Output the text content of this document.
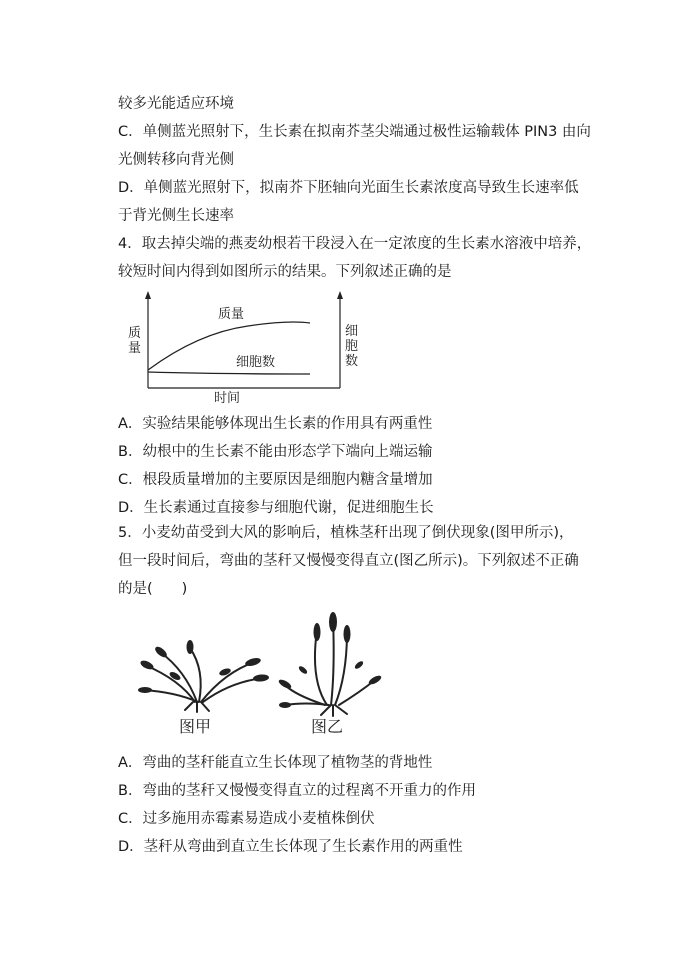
较多光能适应环境
C．单侧蓝光照射下，生长素在拟南芥茎尖端通过极性运输载体 PIN3 由向
光侧转移向背光侧
D．单侧蓝光照射下，拟南芥下胚轴向光面生长素浓度高导致生长速率低
于背光侧生长速率
4．取去掉尖端的燕麦幼根若干段浸入在一定浓度的生长素水溶液中培养，
较短时间内得到如图所示的结果。下列叙述正确的是
质量
细胞数
时间
质量
细胞数
A．实验结果能够体现出生长素的作用具有两重性
B．幼根中的生长素不能由形态学下端向上端运输
C．根段质量增加的主要原因是细胞内糖含量增加
D．生长素通过直接参与细胞代谢，促进细胞生长
5．小麦幼苗受到大风的影响后，植株茎秆出现了倒伏现象(图甲所示)，
但一段时间后，弯曲的茎秆又慢慢变得直立(图乙所示)。下列叙述不正确
的是(　　)
图甲	图乙
A．弯曲的茎秆能直立生长体现了植物茎的背地性
B．弯曲的茎秆又慢慢变得直立的过程离不开重力的作用
C．过多施用赤霉素易造成小麦植株倒伏
D．茎秆从弯曲到直立生长体现了生长素作用的两重性
